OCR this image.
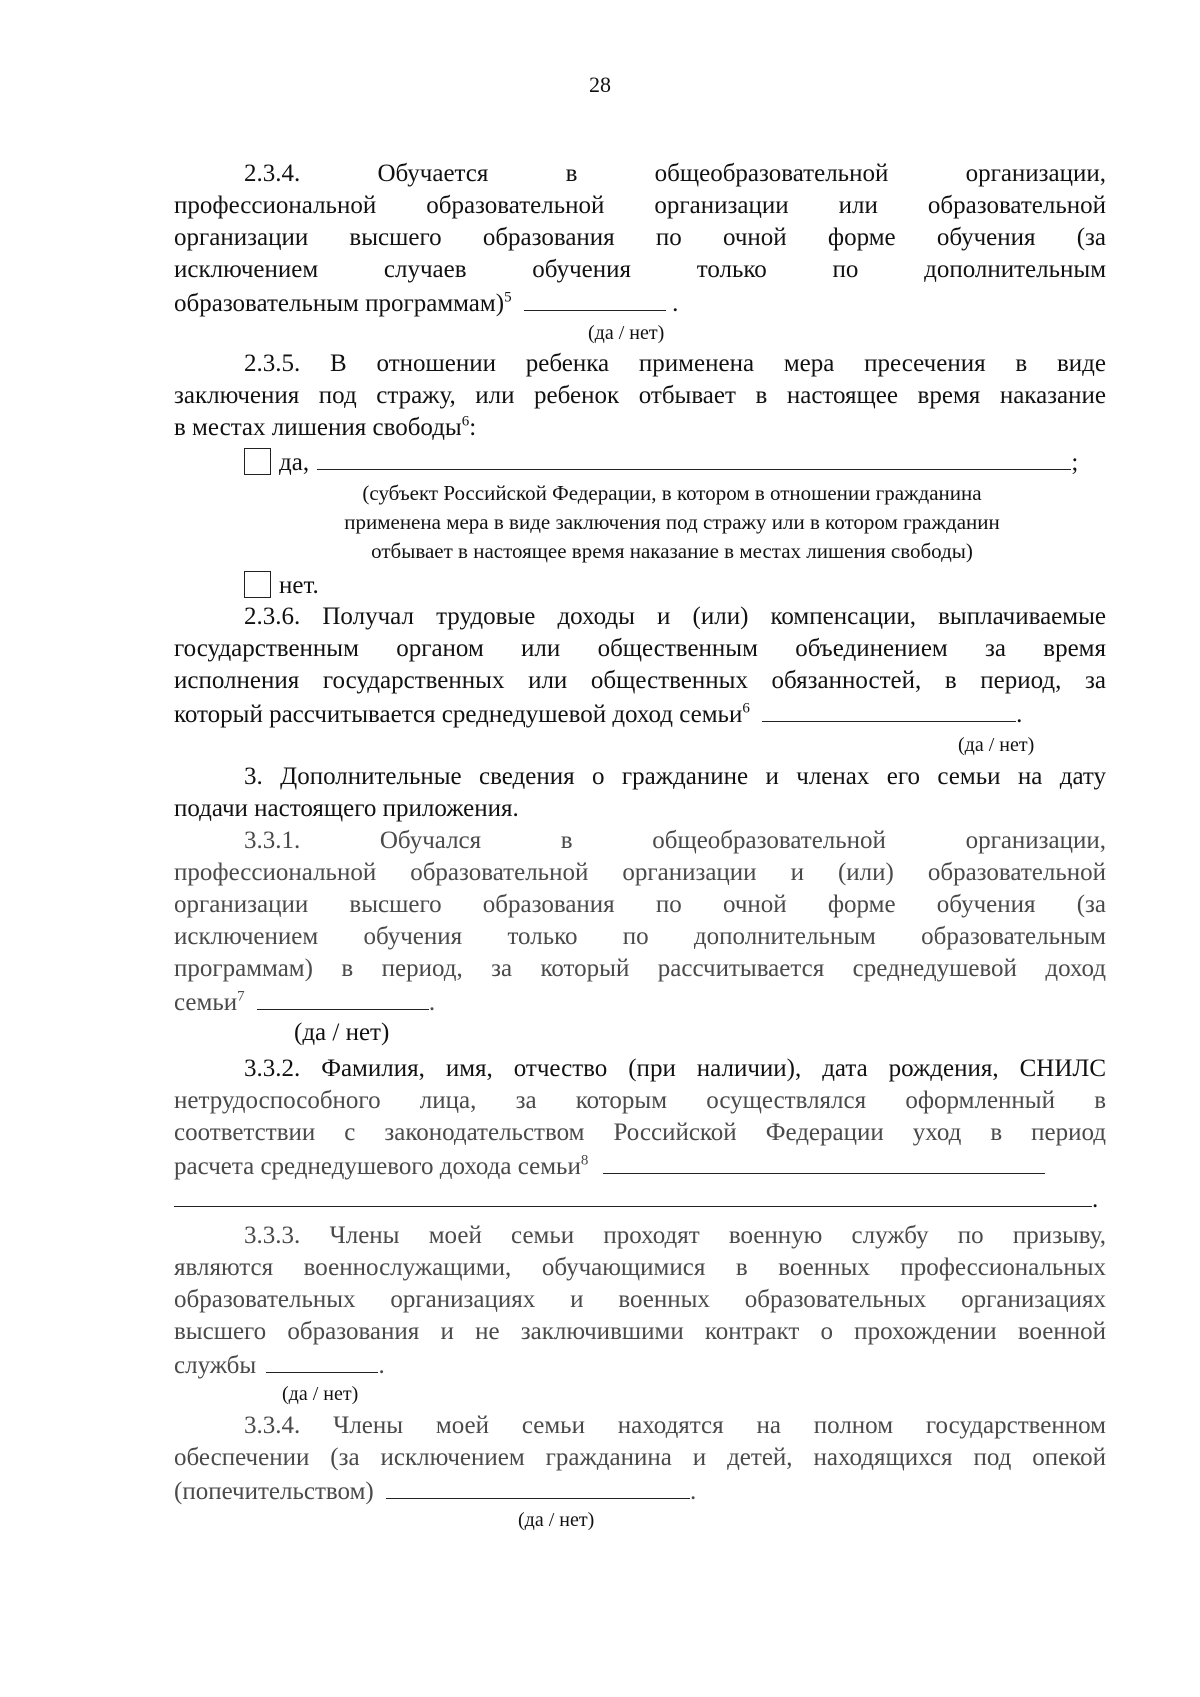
28
2.3.4.	Обучается	в	общеобразовательной	организации,
профессиональной образовательной организации или образовательной
организации высшего образования по очной форме обучения (за
исключением	случаев	обучения	только	по	дополнительным
образовательным программам)$^5$	.
(да / нет)
2.3.5. В отношении ребенка применена мера пресечения в виде
заключения под стражу, или ребенок отбывает в настоящее время наказание
в местах лишения свободы$^6$:
да,	;
(субъект Российской Федерации, в котором в отношении гражданина
применена мера в виде заключения под стражу или в котором гражданин
отбывает в настоящее время наказание в местах лишения свободы)
нет.
2.3.6. Получал трудовые доходы и (или) компенсации, выплачиваемые
государственным органом или общественным объединением за время
исполнения государственных или общественных обязанностей, в период, за
который рассчитывается среднедушевой доход семьи$^6$	.
(да / нет)
3. Дополнительные сведения о гражданине и членах его семьи на дату
подачи настоящего приложения.
3.3.1.	Обучался	в	общеобразовательной	организации,
профессиональной образовательной организации и (или) образовательной
организации высшего образования по очной форме обучения (за
исключением обучения только по дополнительным образовательным
программам) в период, за который рассчитывается среднедушевой доход
семьи$^7$	.
(да / нет)
3.3.2. Фамилия, имя, отчество (при наличии), дата рождения, СНИЛС
нетрудоспособного лица, за которым осуществлялся оформленный в
соответствии с законодательством Российской Федерации уход в период
расчета среднедушевого дохода семьи$^8$
.
3.3.3. Члены моей семьи проходят военную службу по призыву,
являются военнослужащими, обучающимися в военных профессиональных
образовательных организациях и военных образовательных организациях
высшего образования и не заключившими контракт о прохождении военной
службы	.
(да / нет)
3.3.4. Члены моей семьи находятся на полном государственном
обеспечении (за исключением гражданина и детей, находящихся под опекой
(попечительством)	.
(да / нет)
